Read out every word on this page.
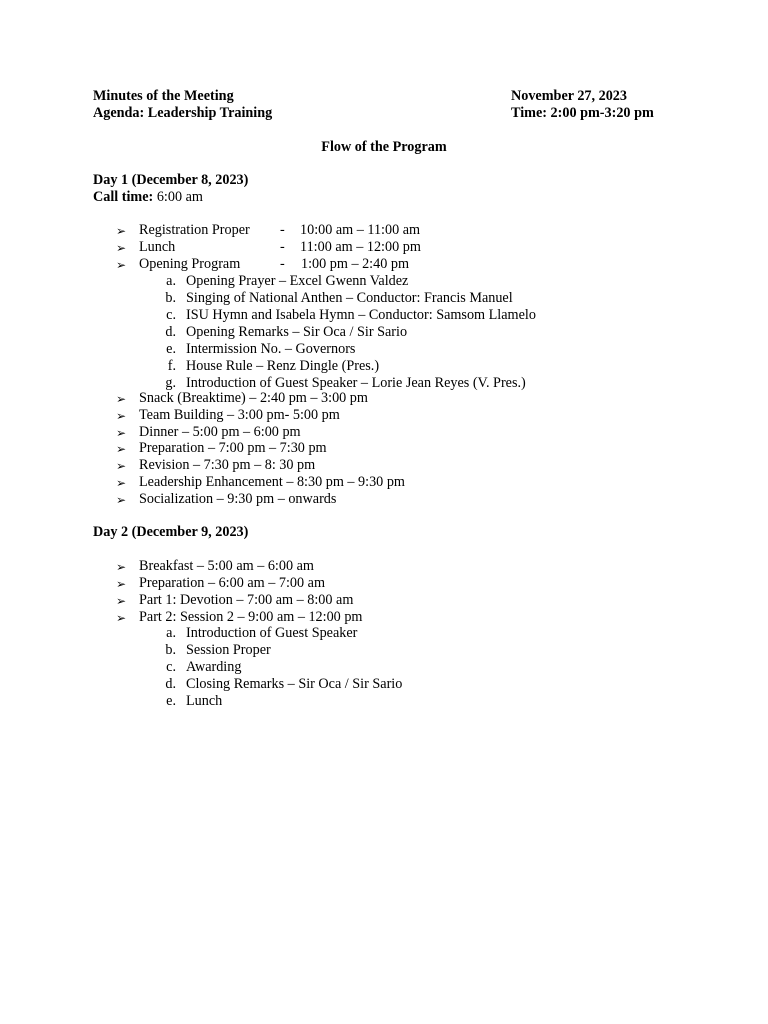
Minutes of the Meeting	November 27, 2023
Agenda: Leadership Training	Time: 2:00 pm-3:20 pm
Flow of the Program
Day 1 (December 8, 2023)
Call time: 6:00 am
➢ Registration Proper - 10:00 am – 11:00 am
➢ Lunch	- 11:00 am – 12:00 pm
➢ Opening Program	- 1:00 pm – 2:40 pm
a. Opening Prayer – Excel Gwenn Valdez
b. Singing of National Anthen – Conductor: Francis Manuel
c. ISU Hymn and Isabela Hymn – Conductor: Samsom Llamelo
d. Opening Remarks – Sir Oca / Sir Sario
e. Intermission No. – Governors
f. House Rule – Renz Dingle (Pres.)
g. Introduction of Guest Speaker – Lorie Jean Reyes (V. Pres.)
➢ Snack (Breaktime) – 2:40 pm – 3:00 pm
➢ Team Building – 3:00 pm- 5:00 pm
➢ Dinner – 5:00 pm – 6:00 pm
➢ Preparation – 7:00 pm – 7:30 pm
➢ Revision – 7:30 pm – 8: 30 pm
➢ Leadership Enhancement – 8:30 pm – 9:30 pm
➢ Socialization – 9:30 pm – onwards
Day 2 (December 9, 2023)
➢ Breakfast – 5:00 am – 6:00 am
➢ Preparation – 6:00 am – 7:00 am
➢ Part 1: Devotion – 7:00 am – 8:00 am
➢ Part 2: Session 2 – 9:00 am – 12:00 pm
a. Introduction of Guest Speaker
b. Session Proper
c. Awarding
d. Closing Remarks – Sir Oca / Sir Sario
e. Lunch
